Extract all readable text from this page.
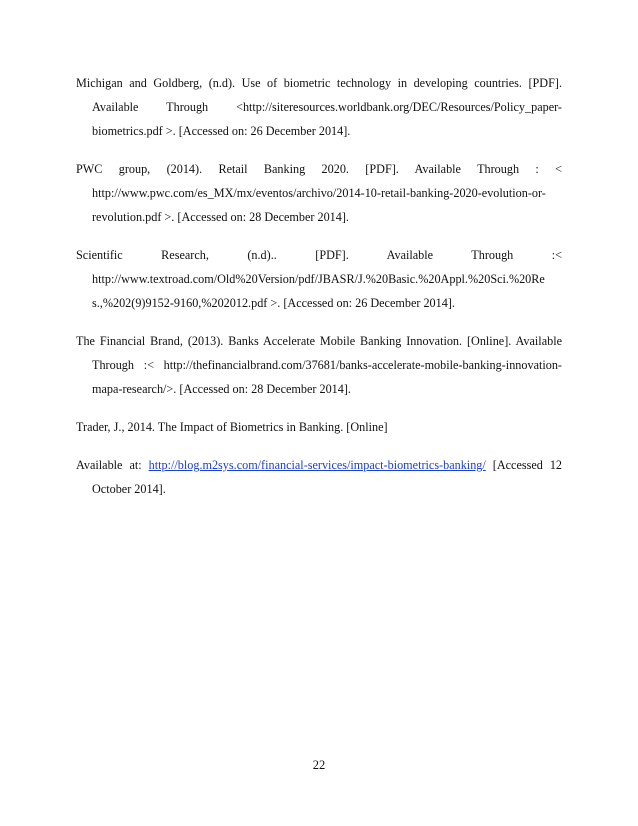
Michigan and Goldberg, (n.d). Use of biometric technology in developing countries. [PDF].
Available Through <http://siteresources.worldbank.org/DEC/Resources/Policy_paper-
biometrics.pdf >. [Accessed on: 26 December 2014].
PWC group, (2014). Retail Banking 2020. [PDF]. Available Through : <
http://www.pwc.com/es_MX/mx/eventos/archivo/2014-10-retail-banking-2020-evolution-or-
revolution.pdf >. [Accessed on: 28 December 2014].
Scientific Research, (n.d).. [PDF]. Available Through :<
http://www.textroad.com/Old%20Version/pdf/JBASR/J.%20Basic.%20Appl.%20Sci.%20Re
s.,%202(9)9152-9160,%202012.pdf >. [Accessed on: 26 December 2014].
The Financial Brand, (2013). Banks Accelerate Mobile Banking Innovation. [Online]. Available
Through :< http://thefinancialbrand.com/37681/banks-accelerate-mobile-banking-innovation-
mapa-research/>. [Accessed on: 28 December 2014].
Trader, J., 2014. The Impact of Biometrics in Banking. [Online]
Available at: http://blog.m2sys.com/financial-services/impact-biometrics-banking/ [Accessed 12
October 2014].
22
